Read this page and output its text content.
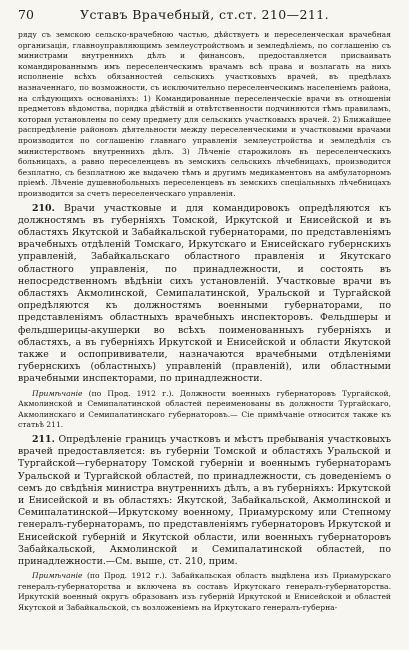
70	Уставъ Врачебный, ст.ст. 210—211.

ряду съ земскою сельско-врачебною частью, дѣйствуетъ и переселенческая врачебная организація, главноуправляющимъ землеустройствомъ и земледѣліемъ, по соглашенію съ министрами внутреннихъ дѣлъ и финансовъ, предоставляется присваивать командированнымъ имъ переселенческимъ врачамъ всѣ права и возлагать на нихъ исполненіе всѣхъ обязанностей сельскихъ участковыхъ врачей, въ предѣлахъ назначеннаго, по возможности, съ исключительно переселенческимъ населеніемъ района, на слѣдующихъ основаніяхъ: 1) Командированные переселенческіе врачи въ отношеніи предметовъ вѣдомства, порядка дѣйствій и отвѣтственности подчиняются тѣмъ правиламъ, которыя установлены по сему предмету для сельскихъ участковыхъ врачей. 2) Ближайшее распредѣленіе районовъ дѣятельности между переселенческими и участковыми врачами производится по соглашенію главнаго управленія землеустройства и земледѣлія съ министерствомъ внутреннихъ дѣлъ. 3) Лѣченіе старожиловъ въ переселенческихъ больницахъ, а равно переселенцевъ въ земскихъ сельскихъ лѣчебницахъ, производится безплатно, съ безплатною же выдачею тѣмъ и другимъ медикаментовъ на амбулаторномъ пріемѣ. Лѣченіе душевнобольныхъ переселенцевъ въ земскихъ спеціальныхъ лѣчебницахъ производится за счетъ переселенческаго управленія.

210. Врачи участковые и для командировокъ опредѣляются къ должностямъ въ губерніяхъ Томской, Иркутской и Енисейской и въ областяхъ Якутской и Забайкальской губернаторами, по представленіямъ врачебныхъ отдѣленій Томскаго, Иркутскаго и Енисейскаго губернскихъ управленій, Забайкальскаго областного правленія и Якутскаго областного управленія, по принадлежности, и состоять въ непосредственномъ вѣдѣніи сихъ установленій. Участковые врачи въ областяхъ Акмолинской, Семипалатинской, Уральской и Тургайской опредѣляются къ должностямъ военными губернаторами, по представленіямъ областныхъ врачебныхъ инспекторовъ. Фельдшеры и фельдшерицы-акушерки во всѣхъ поименованныхъ губерніяхъ и областяхъ, а въ губерніяхъ Иркутской и Енисейской и области Якутской также и оспопрививатели, назначаются врачебными отдѣленіями губернскихъ (областныхъ) управленій (правленій), или областными врачебными инспекторами, по принадлежности.

Примѣчаніе (по Прод. 1912 г.). Должности военныхъ губернаторовъ Тургайской, Акмолинской и Семипалатинской областей переименованы въ должности Тургайскаго, Акмолинскаго и Семипалатинскаго губернаторовъ.— Сie примѣчаніе относится также къ статьѣ 211.

211. Опредѣленіе границъ участковъ и мѣстъ пребыванія участковыхъ врачей предоставляется: въ губерніи Томской и областяхъ Уральской и Тургайской—губернатору Томской губерніи и военнымъ губернаторамъ Уральской и Тургайской областей, по принадлежности, съ доведеніемъ о семъ до свѣдѣнія министра внутреннихъ дѣлъ, а въ губерніяхъ: Иркутской и Енисейской и въ областяхъ: Якутской, Забайкальской, Акмолинской и Семипалатинской—Иркутскому военному, Приамурскому или Степному генералъ-губернаторамъ, по представленіямъ губернаторовъ Иркутской и Енисейской губерній и Якутской области, или военныхъ губернаторовъ Забайкальской, Акмолинской и Семипалатинской областей, по принадлежности.—См. выше, ст. 210, прим.

Примѣчаніе (по Прод. 1912 г.). Забайкальская область выдѣлена изъ Приамурскаго генералъ-губернаторства и включена въ составъ Иркутскаго генералъ-губернаторства. Иркутскій военный округъ образованъ изъ губерній Иркутской и Енисейской и областей Якутской и Забайкальской, съ возложеніемъ на Иркутскаго генералъ-губерна-
